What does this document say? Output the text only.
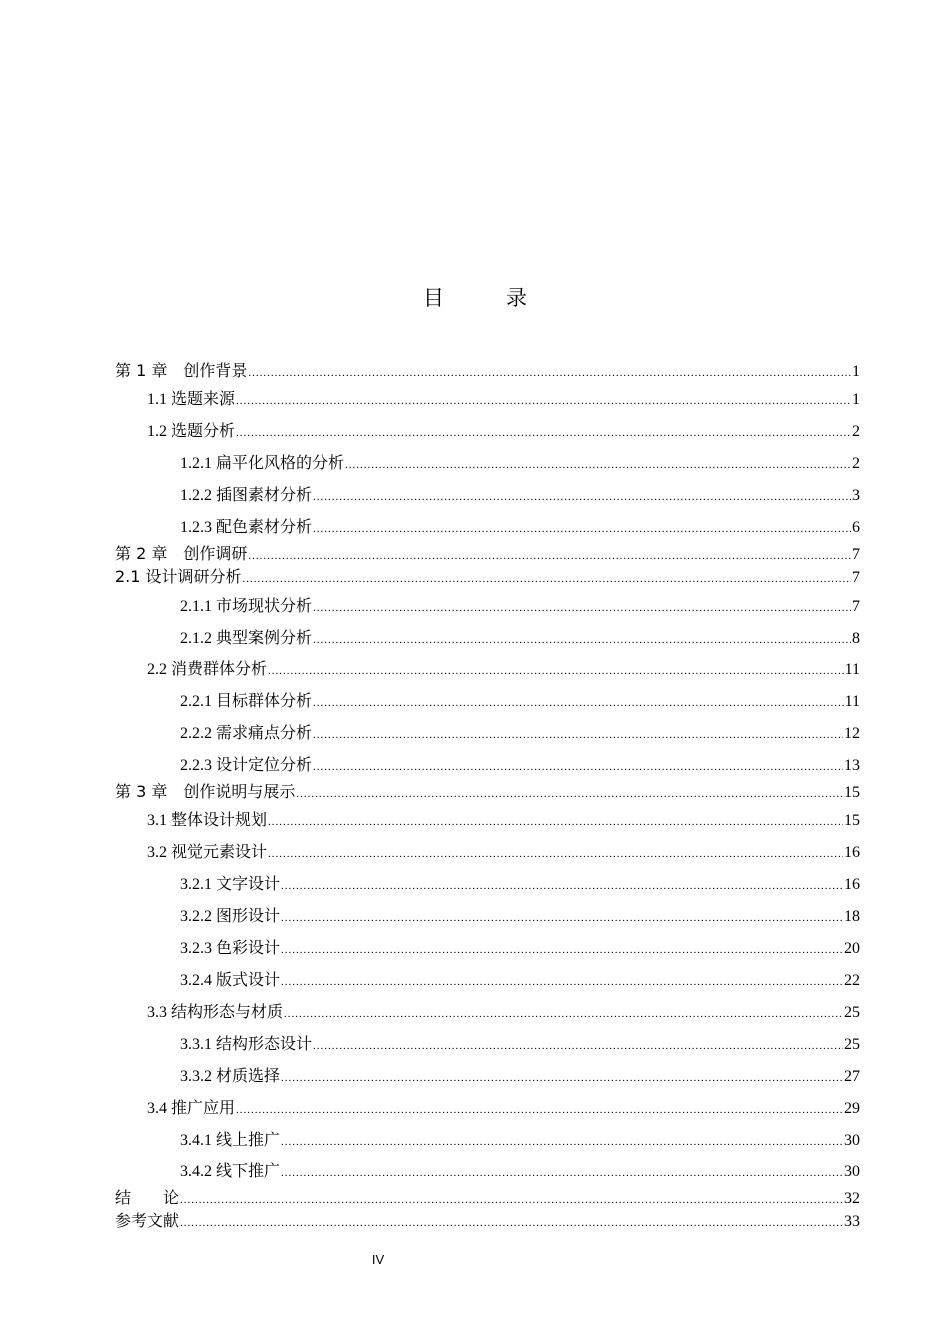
目	录
第 1 章　创作背景 .....	1
1.1 选题来源 .....	1
1.2 选题分析 .....	2
1.2.1 扁平化风格的分析 .....	2
1.2.2 插图素材分析 .....	3
1.2.3 配色素材分析 .....	6
第 2 章　创作调研 .....	7
2.1 设计调研分析 .....	7
2.1.1 市场现状分析 .....	7
2.1.2 典型案例分析 .....	8
2.2 消费群体分析 .....	11
2.2.1 目标群体分析 .....	11
2.2.2 需求痛点分析 .....	12
2.2.3 设计定位分析 .....	13
第 3 章　创作说明与展示 .....	15
3.1 整体设计规划 .....	15
3.2 视觉元素设计 .....	16
3.2.1 文字设计 .....	16
3.2.2 图形设计 .....	18
3.2.3 色彩设计 .....	20
3.2.4 版式设计 .....	22
3.3 结构形态与材质 .....	25
3.3.1 结构形态设计 .....	25
3.3.2 材质选择 .....	27
3.4 推广应用 .....	29
3.4.1 线上推广 .....	30
3.4.2 线下推广 .....	30
结　　论 .....	32
参考文献 .....	33
IV
